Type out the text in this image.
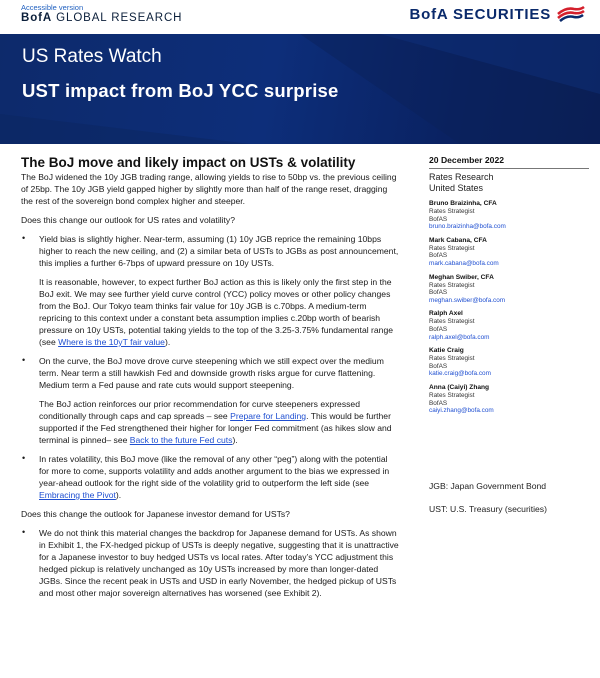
Accessible version
BofA GLOBAL RESEARCH	BofA SECURITIES
US Rates Watch
UST impact from BoJ YCC surprise
The BoJ move and likely impact on USTs & volatility

The BoJ widened the 10y JGB trading range, allowing yields to rise to 50bp vs. the previous ceiling of 25bp. The 10y JGB yield gapped higher by slightly more than half of the range reset, dragging the rest of the sovereign bond complex higher and steeper.

Does this change our outlook for US rates and volatility?

• Yield bias is slightly higher. Near-term, assuming (1) 10y JGB reprice the remaining 10bps higher to reach the new ceiling, and (2) a similar beta of USTs to JGBs as post announcement, this implies a further 6-7bps of upward pressure on 10y USTs.

It is reasonable, however, to expect further BoJ action as this is likely only the first step in the BoJ exit. We may see further yield curve control (YCC) policy moves or other policy changes from the BoJ. Our Tokyo team thinks fair value for 10y JGB is c.70bps. A medium-term repricing to this context under a constant beta assumption implies c.20bp worth of bearish pressure on 10y USTs, potential taking yields to the top of the 3.25-3.75% fundamental range (see Where is the 10yT fair value).

• On the curve, the BoJ move drove curve steepening which we still expect over the medium term. Near term a still hawkish Fed and downside growth risks argue for curve flattening. Medium term a Fed pause and rate cuts would support steepening.

The BoJ action reinforces our prior recommendation for curve steepeners expressed conditionally through caps and cap spreads – see Prepare for Landing. This would be further supported if the Fed strengthened their higher for longer Fed commitment (as hikes slow and terminal is pinned– see Back to the future Fed cuts).

• In rates volatility, this BoJ move (like the removal of any other “peg”) along with the potential for more to come, supports volatility and adds another argument to the bias we expressed in year-ahead outlook for the right side of the volatility grid to outperform the left side (see Embracing the Pivot).

Does this change the outlook for Japanese investor demand for USTs?

• We do not think this material changes the backdrop for Japanese demand for USTs. As shown in Exhibit 1, the FX-hedged pickup of USTs is deeply negative, suggesting that it is unattractive for a Japanese investor to buy hedged USTs vs local rates. After today’s YCC adjustment this hedged pickup is relatively unchanged as 10y USTs increased by more than longer-dated JGBs. Since the recent peak in USTs and USD in early November, the hedged pickup of USTs and most other major sovereign alternatives has worsened (see Exhibit 2).

20 December 2022
Rates Research
United States
Bruno Braizinha, CFA
Rates Strategist
BofAS
bruno.braizinha@bofa.com
Mark Cabana, CFA
Rates Strategist
BofAS
mark.cabana@bofa.com
Meghan Swiber, CFA
Rates Strategist
BofAS
meghan.swiber@bofa.com
Ralph Axel
Rates Strategist
BofAS
ralph.axel@bofa.com
Katie Craig
Rates Strategist
BofAS
katie.craig@bofa.com
Anna (Caiyi) Zhang
Rates Strategist
BofAS
caiyi.zhang@bofa.com
JGB: Japan Government Bond
UST: U.S. Treasury (securities)
